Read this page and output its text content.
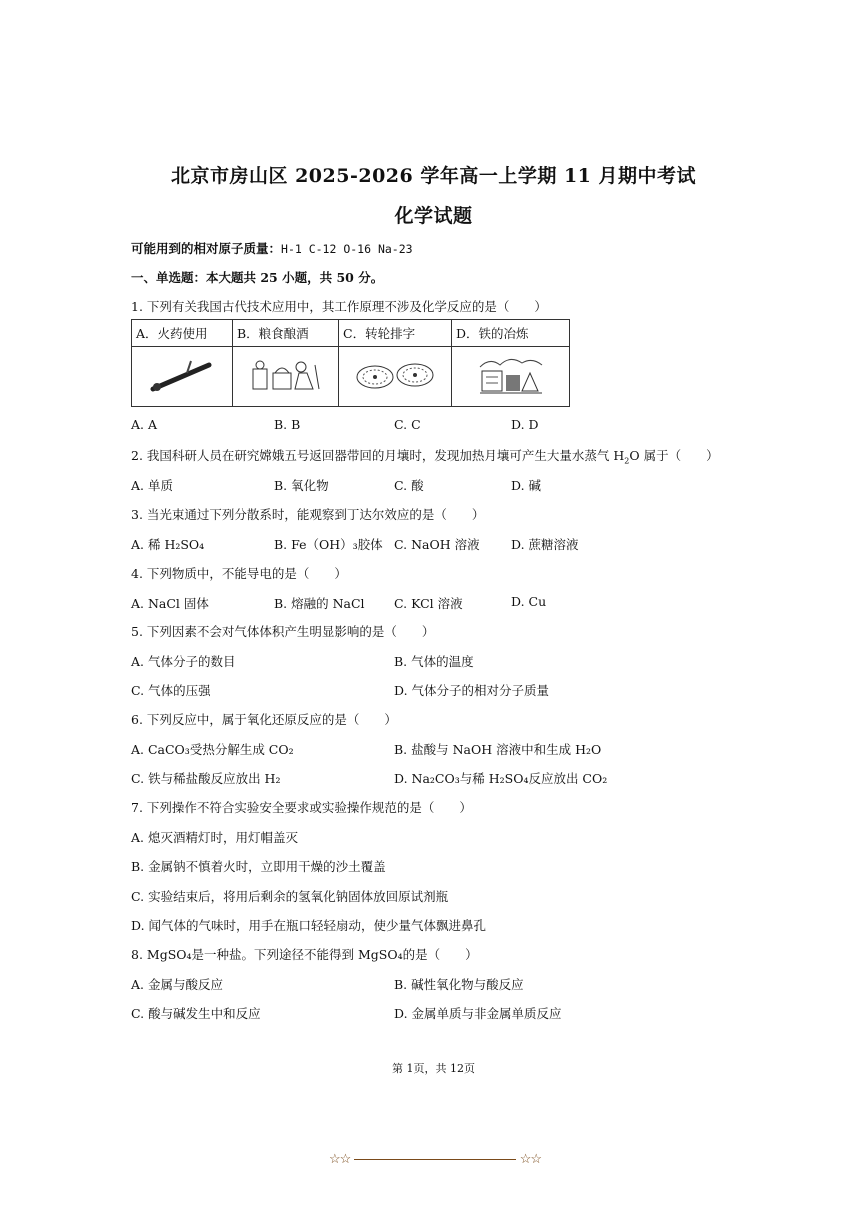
北京市房山区 2025-2026 学年高一上学期 11 月期中考试
化学试题
可能用到的相对原子质量：H-1 C-12 O-16 Na-23
一、单选题：本大题共 25 小题，共 50 分。
1. 下列有关我国古代技术应用中，其工作原理不涉及化学反应的是（　　）
A．火药使用	B．粮食酿酒	C．转轮排字	D．铁的冶炼

A. A	B. B	C. C	D. D
2. 我国科研人员在研究嫦娥五号返回器带回的月壤时，发现加热月壤可产生大量水蒸气 $H_2O$ 属于（　　）
A. 单质	B. 氧化物	C. 酸	D. 碱
3. 当光束通过下列分散系时，能观察到丁达尔效应的是（　　）
A. 稀 H₂SO₄	B. Fe（OH）₃胶体 C. NaOH 溶液	D. 蔗糖溶液
4. 下列物质中，不能导电的是（　　）
A. NaCl 固体	B. 熔融的 NaCl C. KCl 溶液	D. Cu
5. 下列因素不会对气体体积产生明显影响的是（　　）
A. 气体分子的数目	B. 气体的温度
C. 气体的压强	D. 气体分子的相对分子质量
6. 下列反应中，属于氧化还原反应的是（　　）
A. CaCO₃受热分解生成 CO₂	B. 盐酸与 NaOH 溶液中和生成 H₂O
C. 铁与稀盐酸反应放出 H₂	D. Na₂CO₃与稀 H₂SO₄反应放出 CO₂
7. 下列操作不符合实验安全要求或实验操作规范的是（　　）
A. 熄灭酒精灯时，用灯帽盖灭
B. 金属钠不慎着火时，立即用干燥的沙土覆盖
C. 实验结束后，将用后剩余的氢氧化钠固体放回原试剂瓶
D. 闻气体的气味时，用手在瓶口轻轻扇动，使少量气体飘进鼻孔
8. MgSO₄是一种盐。下列途径不能得到 MgSO₄的是（　　）
A. 金属与酸反应	B. 碱性氧化物与酸反应
C. 酸与碱发生中和反应	D. 金属单质与非金属单质反应
第 1页，共 12页
☆☆	☆☆
